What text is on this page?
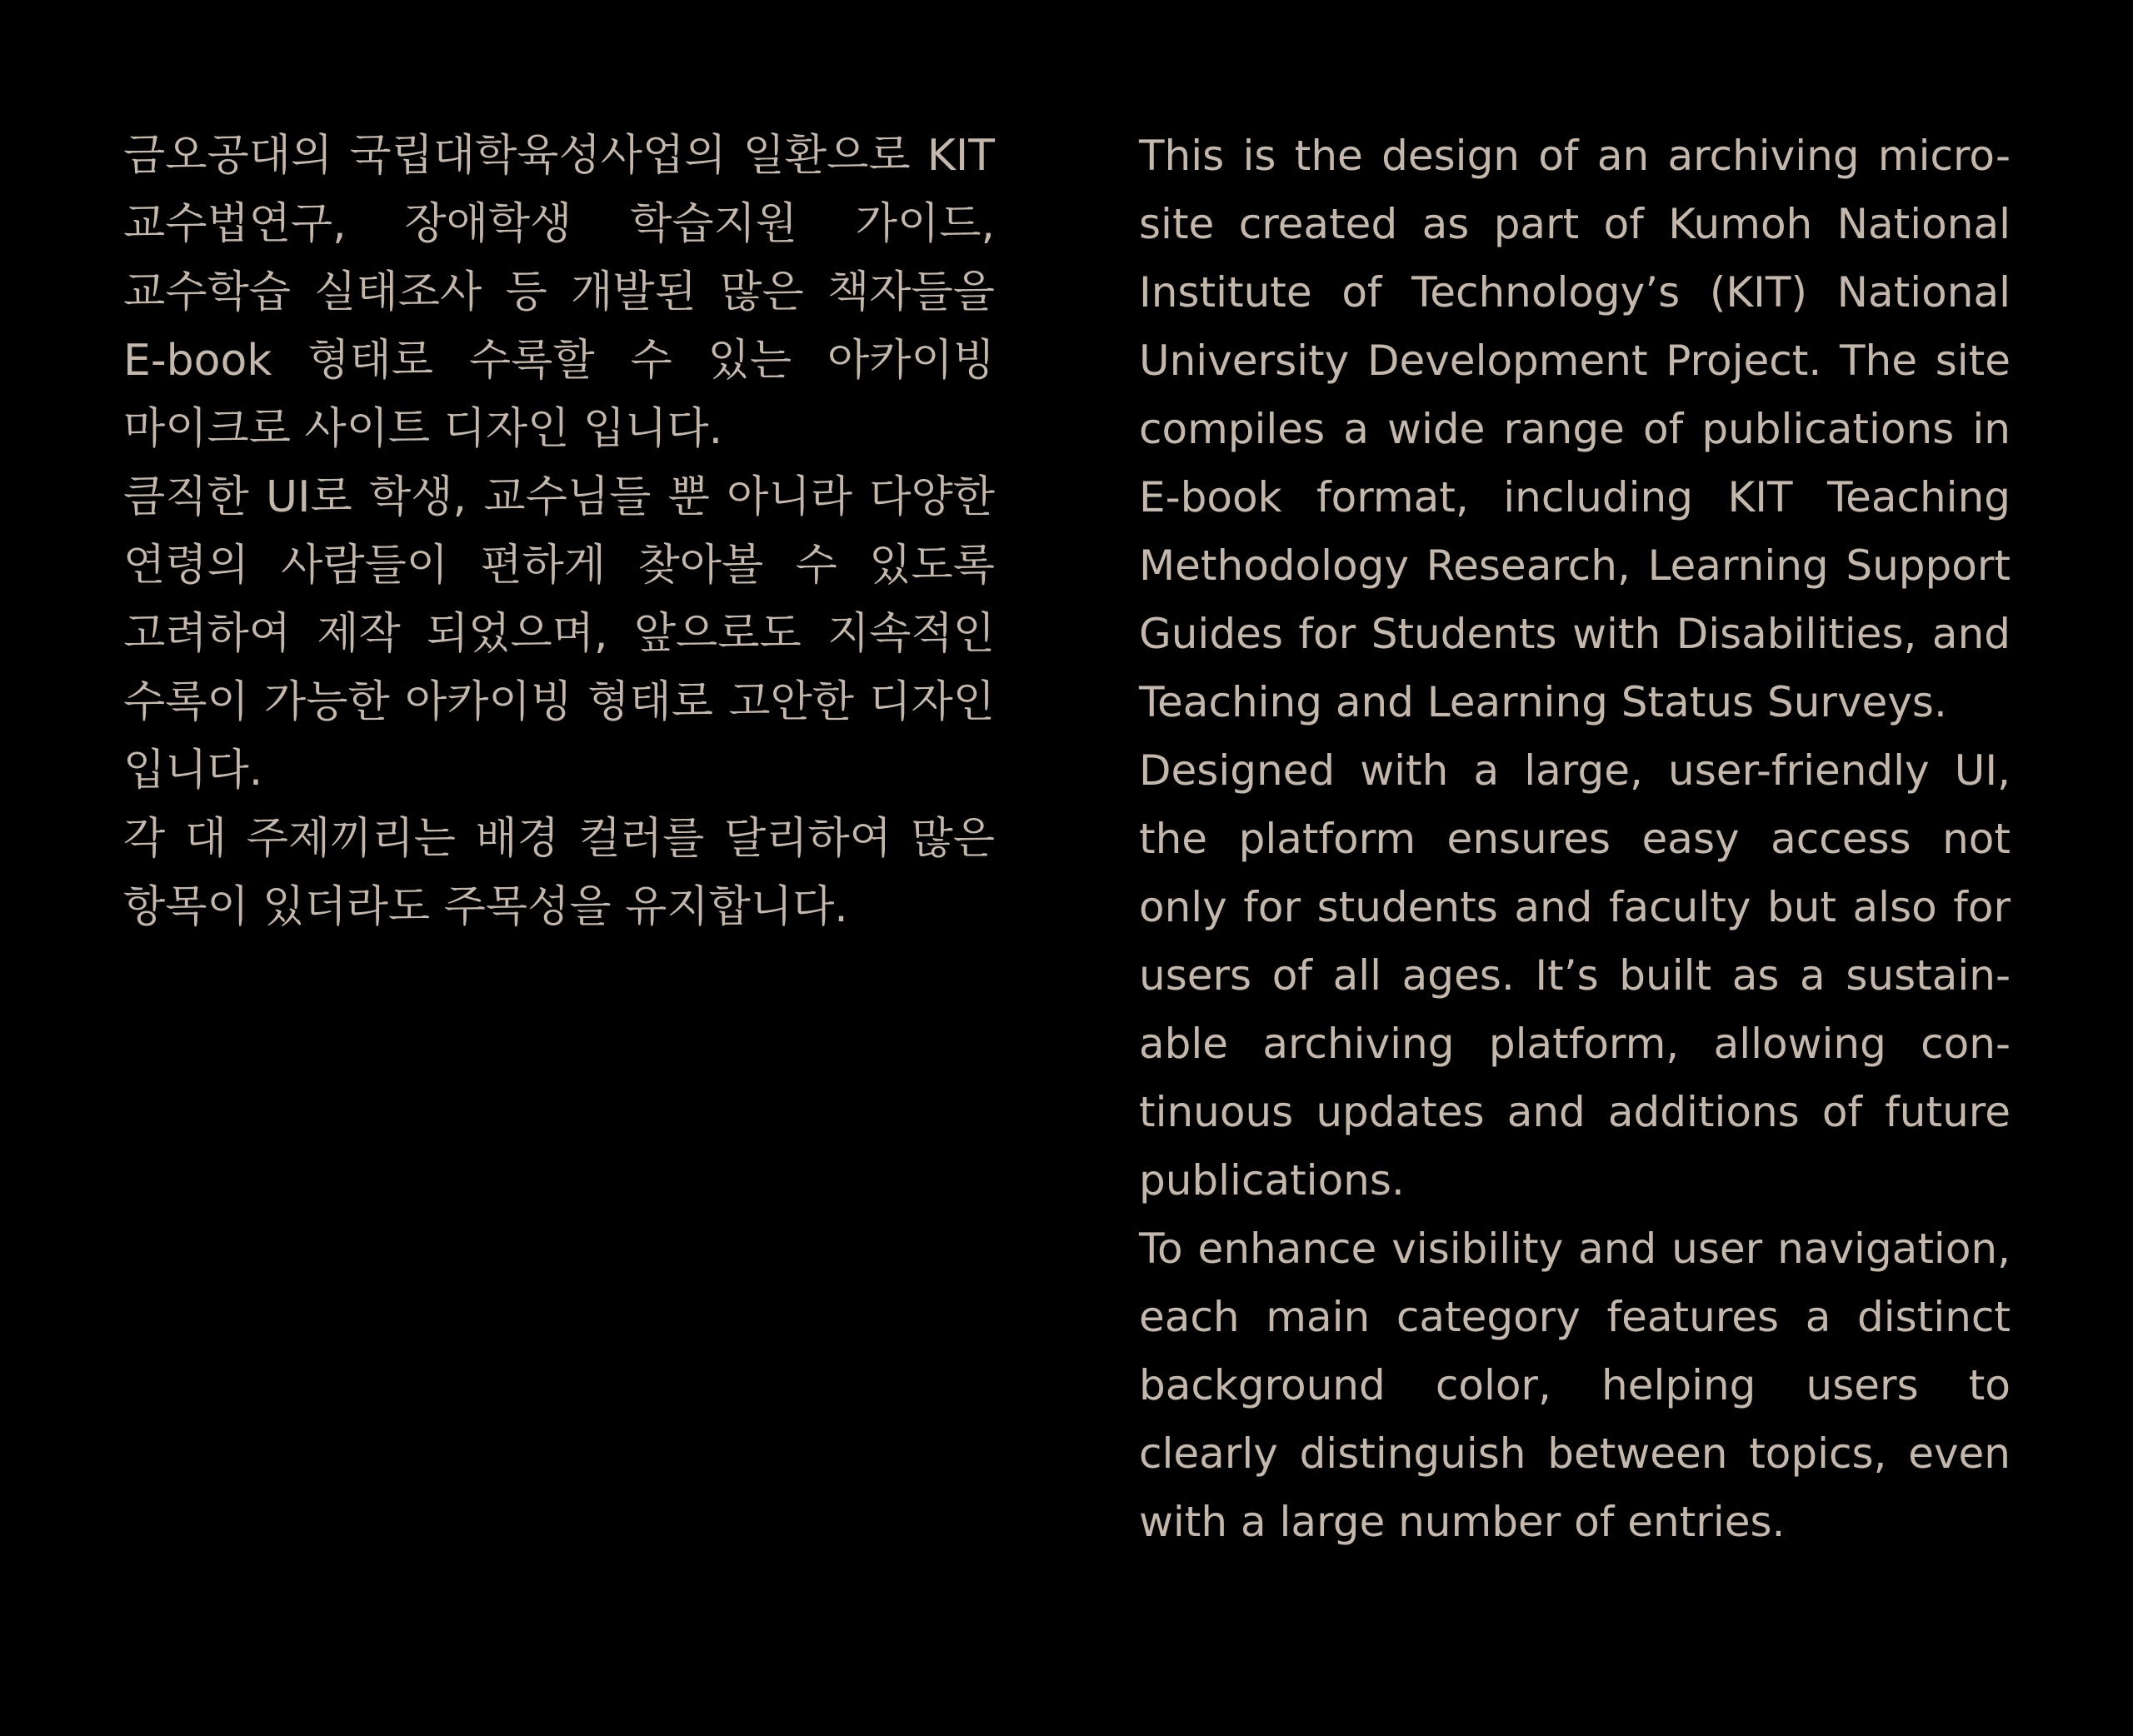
금오공대의 국립대학육성사업의 일환으로 KIT 교수법연구, 장애학생 학습지원 가이드, 교수학습 실태조사 등 개발된 많은 책자들을 E-book 형태로 수록할 수 있는 아카이빙 마이크로 사이트 디자인 입니다.

큼직한 UI로 학생, 교수님들 뿐 아니라 다양한 연령의 사람들이 편하게 찾아볼 수 있도록 고려하여 제작 되었으며, 앞으로도 지속적인 수록이 가능한 아카이빙 형태로 고안한 디자인 입니다.

각 대 주제끼리는 배경 컬러를 달리하여 많은 항목이 있더라도 주목성을 유지합니다.

This is the design of an archiving micro-site created as part of Kumoh National Institute of Technology’s (KIT) National University Development Project. The site compiles a wide range of publications in E-book format, including KIT Teaching Methodology Research, Learning Support Guides for Students with Disabilities, and Teaching and Learning Status Surveys.

Designed with a large, user-friendly UI, the platform ensures easy access not only for students and faculty but also for users of all ages. It’s built as a sustainable archiving platform, allowing continuous updates and additions of future publications.

To enhance visibility and user navigation, each main category features a distinct background color, helping users to clearly distinguish between topics, even with a large number of entries.
